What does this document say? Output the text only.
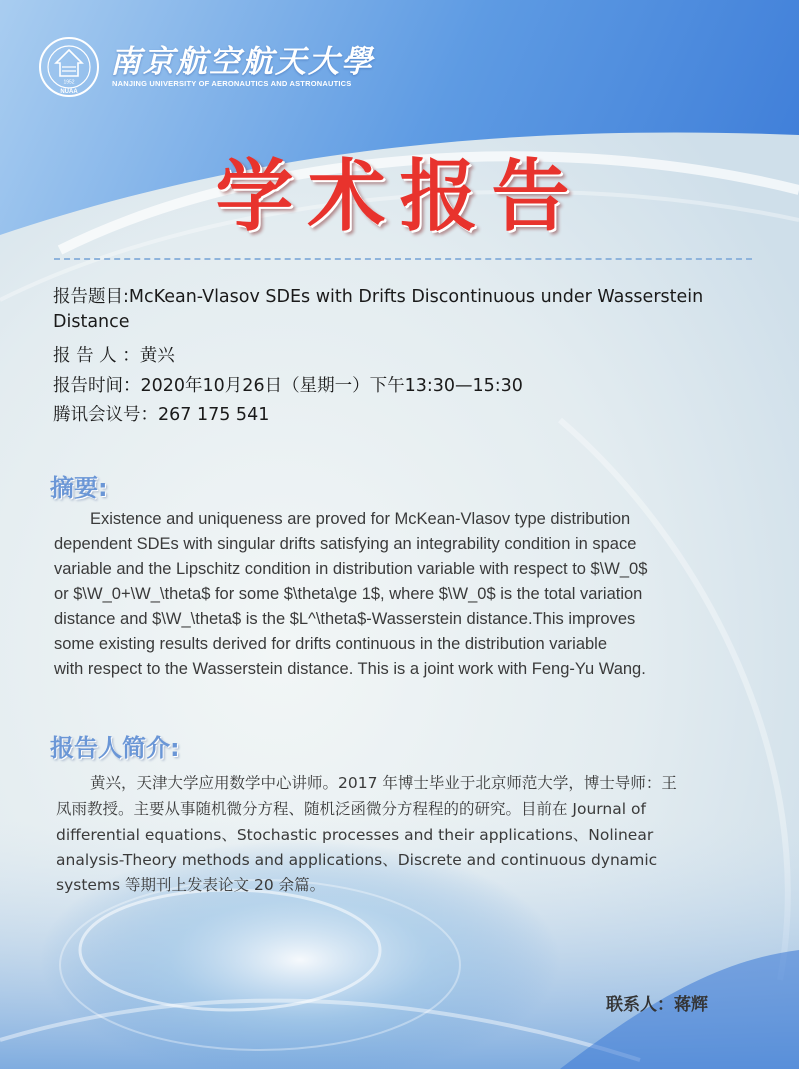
1952
NUAA
南京航空航天大學
NANJING UNIVERSITY OF AERONAUTICS AND ASTRONAUTICS
学术报告
报告题目:McKean-Vlasov SDEs with Drifts Discontinuous under Wasserstein
Distance
报 告 人 ：黄兴
报告时间：2020年10月26日（星期一）下午13:30—15:30
腾讯会议号：267 175 541
摘要:
Existence and uniqueness are proved for McKean-Vlasov type distribution
dependent SDEs with singular drifts satisfying an integrability condition in space
variable and the Lipschitz condition in distribution variable with respect to $\W_0$
or $\W_0+\W_\theta$ for some $\theta\ge 1$, where $\W_0$ is the total variation
distance and $\W_\theta$ is the $L^\theta$-Wasserstein distance.This improves
some existing results derived for drifts continuous in the distribution variable
with respect to the Wasserstein distance. This is a joint work with Feng-Yu Wang.
报告人简介:
黄兴，天津大学应用数学中心讲师。2017 年博士毕业于北京师范大学，博士导师：王
凤雨教授。主要从事随机微分方程、随机泛函微分方程程的的研究。目前在 Journal of
differential equations、Stochastic processes and their applications、Nolinear
analysis-Theory methods and applications、Discrete and continuous dynamic
systems 等期刊上发表论文 20 余篇。
联系人：蒋辉
